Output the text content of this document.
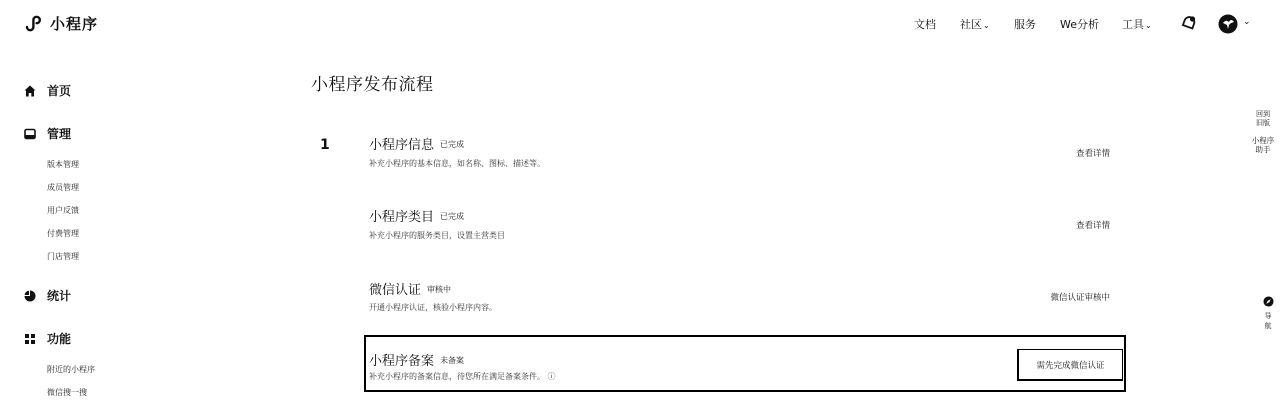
小程序	文档 社区⌄ 服务 We分析 工具⌄	⌄
首页
管理
版本管理
成员管理
用户反馈
付费管理
门店管理
统计
功能
附近的小程序
微信搜一搜
小程序发布流程
1	小程序信息 已完成
补充小程序的基本信息，如名称、图标、描述等。
查看详情
小程序类目 已完成
补充小程序的服务类目，设置主营类目
查看详情
微信认证 审核中
开通小程序认证，核验小程序内容。
微信认证审核中
小程序备案 未备案
补充小程序的备案信息，待您所在满足备案条件。 ⓘ
需先完成微信认证
回到
旧版
小程序
助手
导
航
